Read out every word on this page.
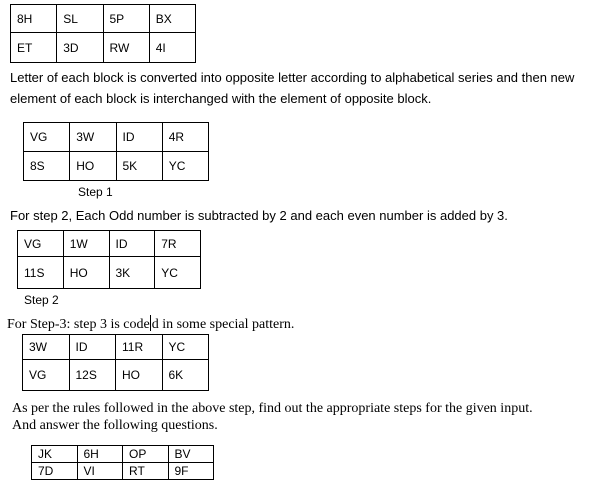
8H	SL	5P	BX
ET	3D	RW	4I
Letter of each block is converted into opposite letter according to alphabetical series and then new
element of each block is interchanged with the element of opposite block.
VG	3W	ID	4R
8S	HO	5K	YC
Step 1
For step 2, Each Odd number is subtracted by 2 and each even number is added by 3.
VG	1W	ID	7R
11S	HO	3K	YC
Step 2
For Step-3: step 3 is code d in some special pattern.
3W	ID	11R	YC
VG	12S	HO	6K
As per the rules followed in the above step, find out the appropriate steps for the given input.
And answer the following questions.
JK	6H	OP	BV
7D	VI	RT	9F
